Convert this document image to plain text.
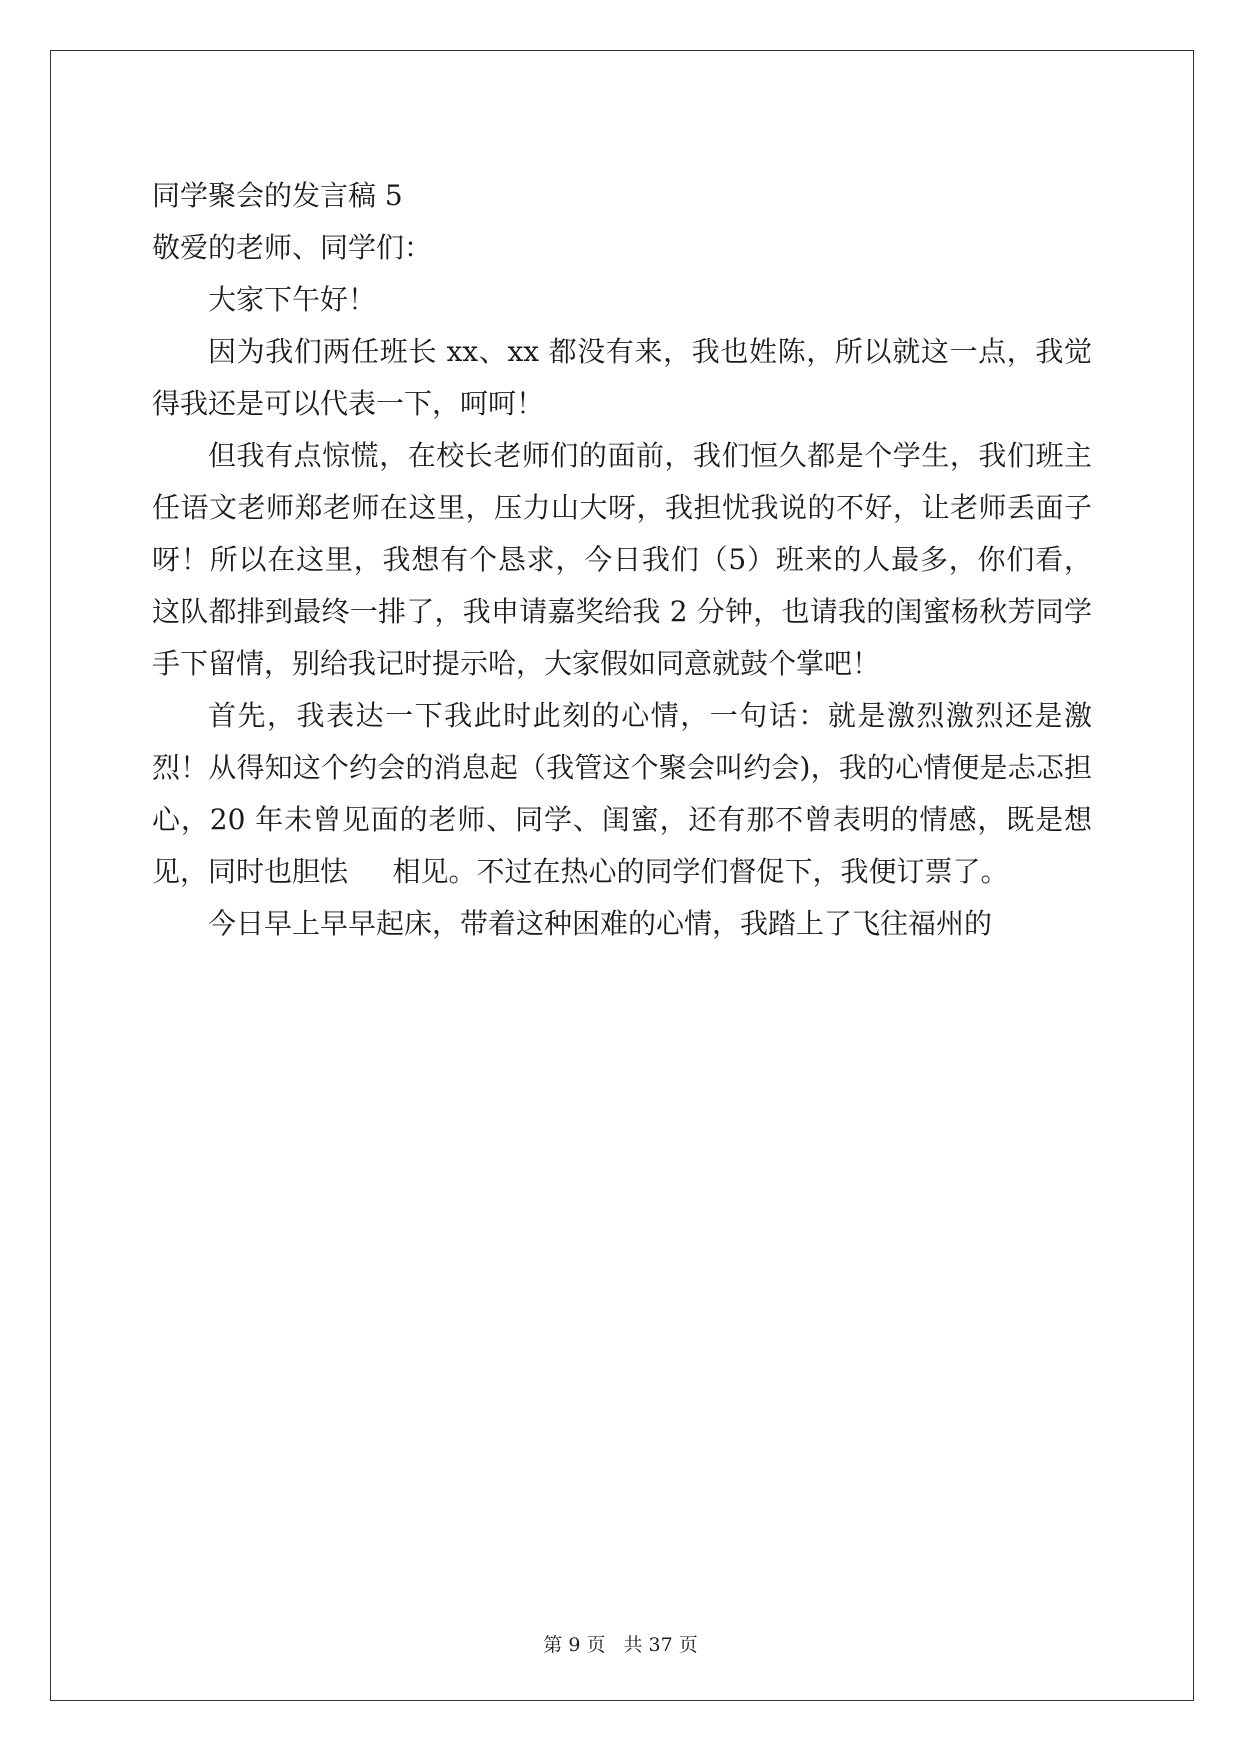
同学聚会的发言稿 5

敬爱的老师、同学们：

大家下午好！

因为我们两任班长 xx、xx 都没有来，我也姓陈，所以就这一点，我觉得我还是可以代表一下，呵呵！

但我有点惊慌，在校长老师们的面前，我们恒久都是个学生，我们班主任语文老师郑老师在这里，压力山大呀，我担忧我说的不好，让老师丢面子呀！所以在这里，我想有个恳求，今日我们（5）班来的人最多，你们看，这队都排到最终一排了，我申请嘉奖给我 2 分钟，也请我的闺蜜杨秋芳同学手下留情，别给我记时提示哈，大家假如同意就鼓个掌吧！

首先，我表达一下我此时此刻的心情，一句话：就是激烈激烈还是激烈！从得知这个约会的消息起（我管这个聚会叫约会)，我的心情便是忐忑担心，20 年未曾见面的老师、同学、闺蜜，还有那不曾表明的情感，既是想见，同时也胆怯     相见。不过在热心的同学们督促下，我便订票了。

今日早上早早起床，带着这种困难的心情，我踏上了飞往福州的

第 9 页 共 37 页
